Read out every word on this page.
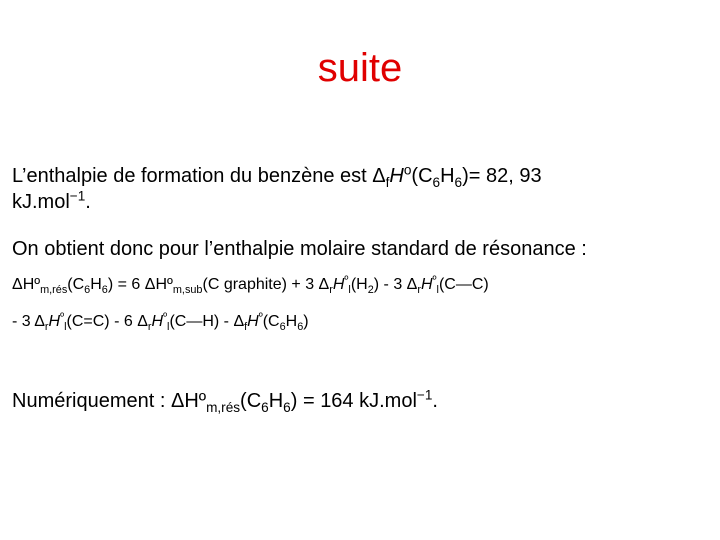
suite
L’enthalpie de formation du benzène est $\Delta_fH^o(C_6H_6)= 82$, 93
kJ.mol$^{-1}$.
On obtient donc pour l’enthalpie molaire standard de résonance :
$\Delta Hº_{m,rés}(C_6H_6) = 6$ ΔHº$_{m,sub}$(C graphite) + 3 $\Delta_rH^º_l(H_2) - 3$ $\Delta_rH^º_l(C—C)$
- 3 $\Delta_rH^º_l(C=C) - 6$ $\Delta_rH^º_l(C—H) - \Delta_fH^º(C_6H_6)$
Numériquement : $\Delta Hº_{m,rés}(C_6H_6) = 164$ kJ.mol$^{-1}$.
